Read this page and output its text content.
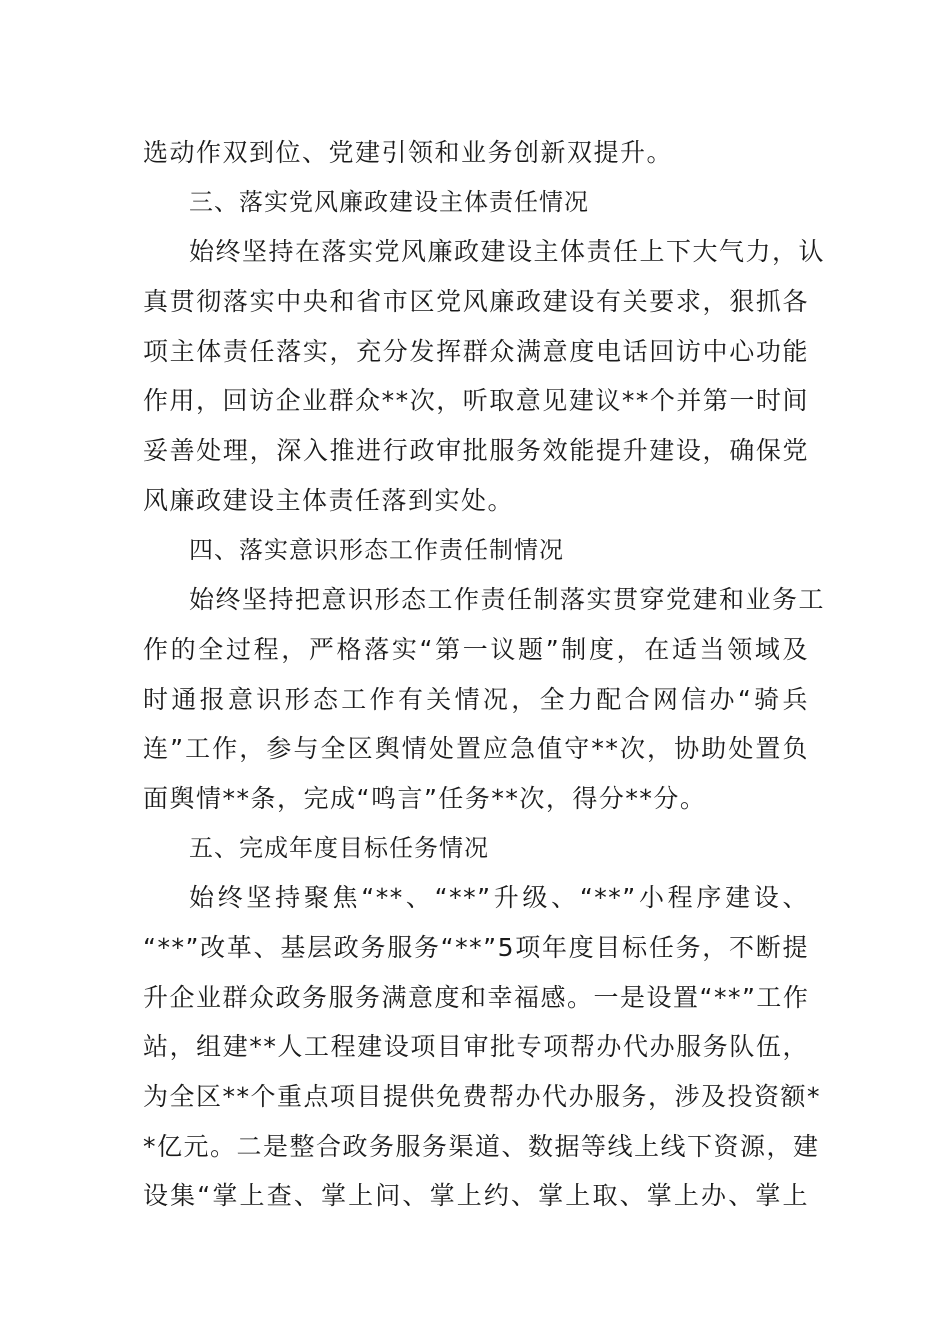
选动作双到位、党建引领和业务创新双提升。
三、落实党风廉政建设主体责任情况
始终坚持在落实党风廉政建设主体责任上下大气力，认
真贯彻落实中央和省市区党风廉政建设有关要求，狠抓各
项主体责任落实，充分发挥群众满意度电话回访中心功能
作用，回访企业群众**次，听取意见建议**个并第一时间
妥善处理，深入推进行政审批服务效能提升建设，确保党
风廉政建设主体责任落到实处。
四、落实意识形态工作责任制情况
始终坚持把意识形态工作责任制落实贯穿党建和业务工
作的全过程，严格落实“第一议题”制度，在适当领域及
时通报意识形态工作有关情况，全力配合网信办“骑兵
连”工作，参与全区舆情处置应急值守**次，协助处置负
面舆情**条，完成“鸣言”任务**次，得分**分。
五、完成年度目标任务情况
始终坚持聚焦“**、“**”升级、“**”小程序建设、
“**”改革、基层政务服务“**”5项年度目标任务，不断提
升企业群众政务服务满意度和幸福感。一是设置“**”工作
站，组建**人工程建设项目审批专项帮办代办服务队伍，
为全区**个重点项目提供免费帮办代办服务，涉及投资额*
*亿元。二是整合政务服务渠道、数据等线上线下资源，建
设集“掌上查、掌上问、掌上约、掌上取、掌上办、掌上
